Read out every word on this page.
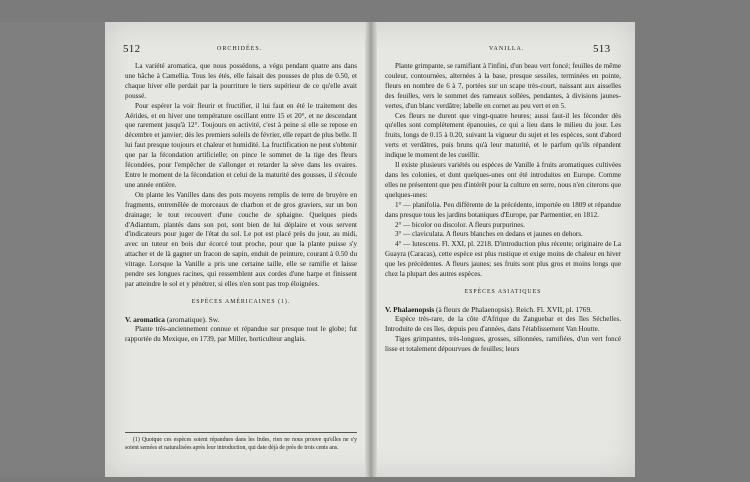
512	ORCHIDÉES.

La variété aromatica, que nous possédons, a végu pendant quatre ans dans une bâche à Camellia. Tous les étés, elle faisait des pousses de plus de 0.50, et chaque hiver elle perdait par la pourriture le tiers supérieur de ce qu'elle avait poussé.

Pour espérer la voir fleurir et fructifier, il lui faut en été le traitement des Aërides, et en hiver une température oscillant entre 15 et 20°, et ne descendant que rarement jusqu'à 12°. Toujours en activité, c'est à peine si elle se repose en décembre et janvier; dès les premiers soleils de février, elle repart de plus belle. Il lui faut presque toujours et chaleur et humidité. La fructification ne peut s'obtenir que par la fécondation artificielle; on pince le sommet de la tige des fleurs fécondées, pour l'empêcher de s'allonger et retarder la sève dans les ovaires. Entre le moment de la fécondation et celui de la maturité des gousses, il s'écoule une année entière.

On plante les Vanilles dans des pots moyens remplis de terre de bruyère en fragments, entremêlée de morceaux de charbon et de gros graviers, sur un bon drainage; le tout recouvert d'une couche de sphaigne. Quelques pieds d'Adiantum, plantés dans son pot, sont bien de lui déplaire et vous servent d'indicateurs pour juger de l'état du sol. Le pot est placé près du jour, au midi, avec un tuteur en bois dur écorcé tout proche, pour que la plante puisse s'y attacher et de là gagner un fracon de sapin, enduit de peinture, courant à 0.50 du vitrage. Lorsque la Vanille a pris une certaine taille, elle se ramifie et laisse pendre ses longues racines, qui ressemblent aux cordes d'une harpe et finissent par atteindre le sol et y pénétrer, si elles n'en sont pas trop éloignées.

ESPÈCES AMÉRICAINES (1).

V. aromatica (aromatique). Sw.

Plante très-anciennement connue et répandue sur presque tout le globe; fut rapportée du Mexique, en 1739, par Miller, horticulteur anglais.

(1) Quoique ces espèces soient répandues dans les Indes, rien ne nous prouve qu'elles ne s'y soient semées et naturalisées après leur introduction, qui date déjà de près de trois cents ans.

VANILLA.	513

Plante grimpante, se ramifiant à l'infini, d'un beau vert foncé; feuilles de même couleur, contournées, alternées à la base, presque sessiles, terminées en pointe, fleurs en nombre de 6 à 7, portées sur un scape très-court, naissant aux aisselles des feuilles, vers le sommet des rameaux sollées, pendantes, à divisions jaunes-vertes, d'un blanc verdâtre; labelle en cornet au peu vert et en 5.

Ces fleurs ne durent que vingt-quatre heures; aussi faut-il les féconder dès qu'elles sont complètement épanouies, ce qui a lieu dans le milieu du jour. Les fruits, longs de 0.15 à 0.20, suivant la vigueur du sujet et les espèces, sont d'abord verts et verdâtres, puis bruns qu'à leur maturité, et le parfum qu'ils répandent indique le moment de les cueillir.

Il existe plusieurs variétés ou espèces de Vanille à fruits aromatiques cultivées dans les colonies, et dont quelques-unes ont été introduites en Europe. Comme elles ne présentent que peu d'intérêt pour la culture en serre, nous n'en citerons que quelques-unes:

1° — planifolia. Peu différente de la précédente, importée en 1809 et répandue dans presque tous les jardins botaniques d'Europe, par Parmentier, en 1812.

2° — bicolor ou discolor. A fleurs purpurines.

3° — claviculata. A fleurs blanches en dedans et jaunes en dehors.

4° — lutescens. Fl. XXI, pl. 2218. D'introduction plus récente; originaire de La Guayra (Caracas), cette espèce est plus rustique et exige moins de chaleur en hiver que les précédentes. A fleurs jaunes; ses fruits sont plus gros et moins longs que chez la plupart des autres espèces.

ESPÈCES ASIATIQUES

V. Phalaenopsis (à fleurs de Phalaenopsis). Reich. Fl. XVII, pl. 1769.

Espèce très-rare, de la côte d'Afrique du Zanguebar et des îles Séchelles. Introduite de ces îles, depuis peu d'années, dans l'établissement Van Houtte.

Tiges grimpantes, très-longues, grosses, sillonnées, ramifiées, d'un vert foncé lisse et totalement dépourvues de feuilles; leurs
